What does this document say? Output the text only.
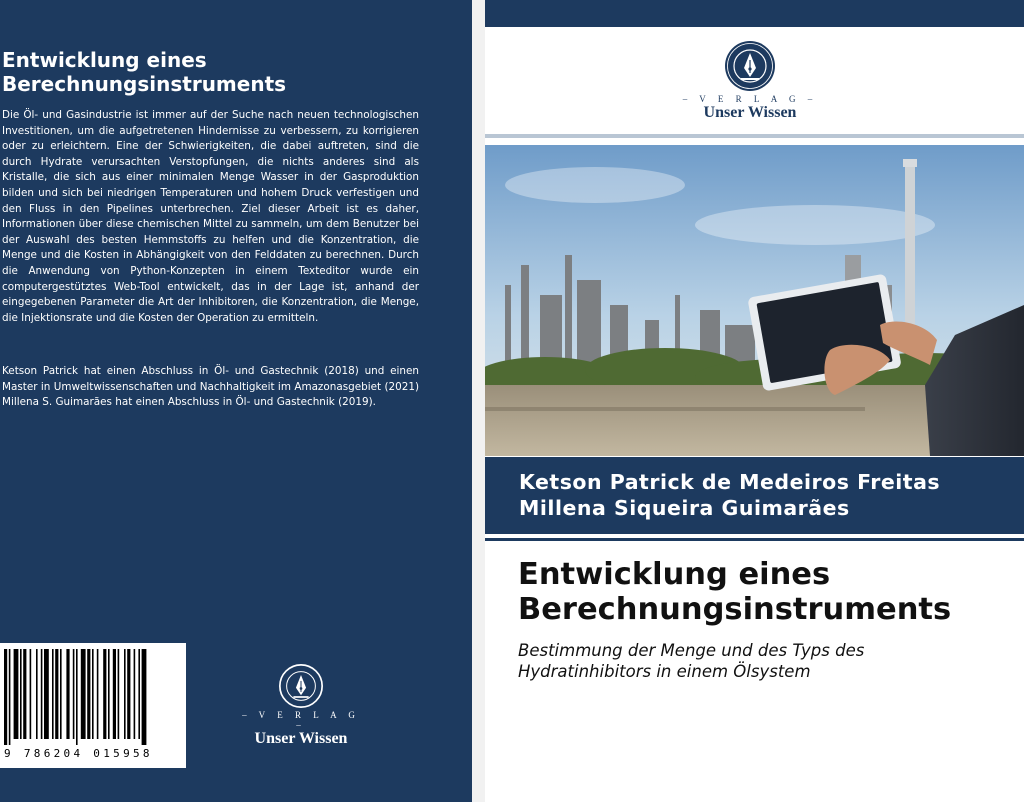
Entwicklung eines Berechnungsinstruments

Die Öl- und Gasindustrie ist immer auf der Suche nach neuen technologischen Investitionen, um die aufgetretenen Hindernisse zu verbessern, zu korrigieren oder zu erleichtern. Eine der Schwierigkeiten, die dabei auftreten, sind die durch Hydrate verursachten Verstopfungen, die nichts anderes sind als Kristalle, die sich aus einer minimalen Menge Wasser in der Gasproduktion bilden und sich bei niedrigen Temperaturen und hohem Druck verfestigen und den Fluss in den Pipelines unterbrechen. Ziel dieser Arbeit ist es daher, Informationen über diese chemischen Mittel zu sammeln, um dem Benutzer bei der Auswahl des besten Hemmstoffs zu helfen und die Konzentration, die Menge und die Kosten in Abhängigkeit von den Felddaten zu berechnen. Durch die Anwendung von Python-Konzepten in einem Texteditor wurde ein computergestütztes Web-Tool entwickelt, das in der Lage ist, anhand der eingegebenen Parameter die Art der Inhibitoren, die Konzentration, die Menge, die Injektionsrate und die Kosten der Operation zu ermitteln.

Ketson Patrick hat einen Abschluss in Öl- und Gastechnik (2018) und einen Master in Umweltwissenschaften und Nachhaltigkeit im Amazonasgebiet (2021) Millena S. Guimarães hat einen Abschluss in Öl- und Gastechnik (2019).

9 786204 015958
– V E R L A G –
Unser Wissen
– V E R L A G –
Unser Wissen
Ketson Patrick de Medeiros Freitas
Millena Siqueira Guimarães
Entwicklung eines Berechnungsinstruments

Bestimmung der Menge und des Typs des Hydratinhibitors in einem Ölsystem
